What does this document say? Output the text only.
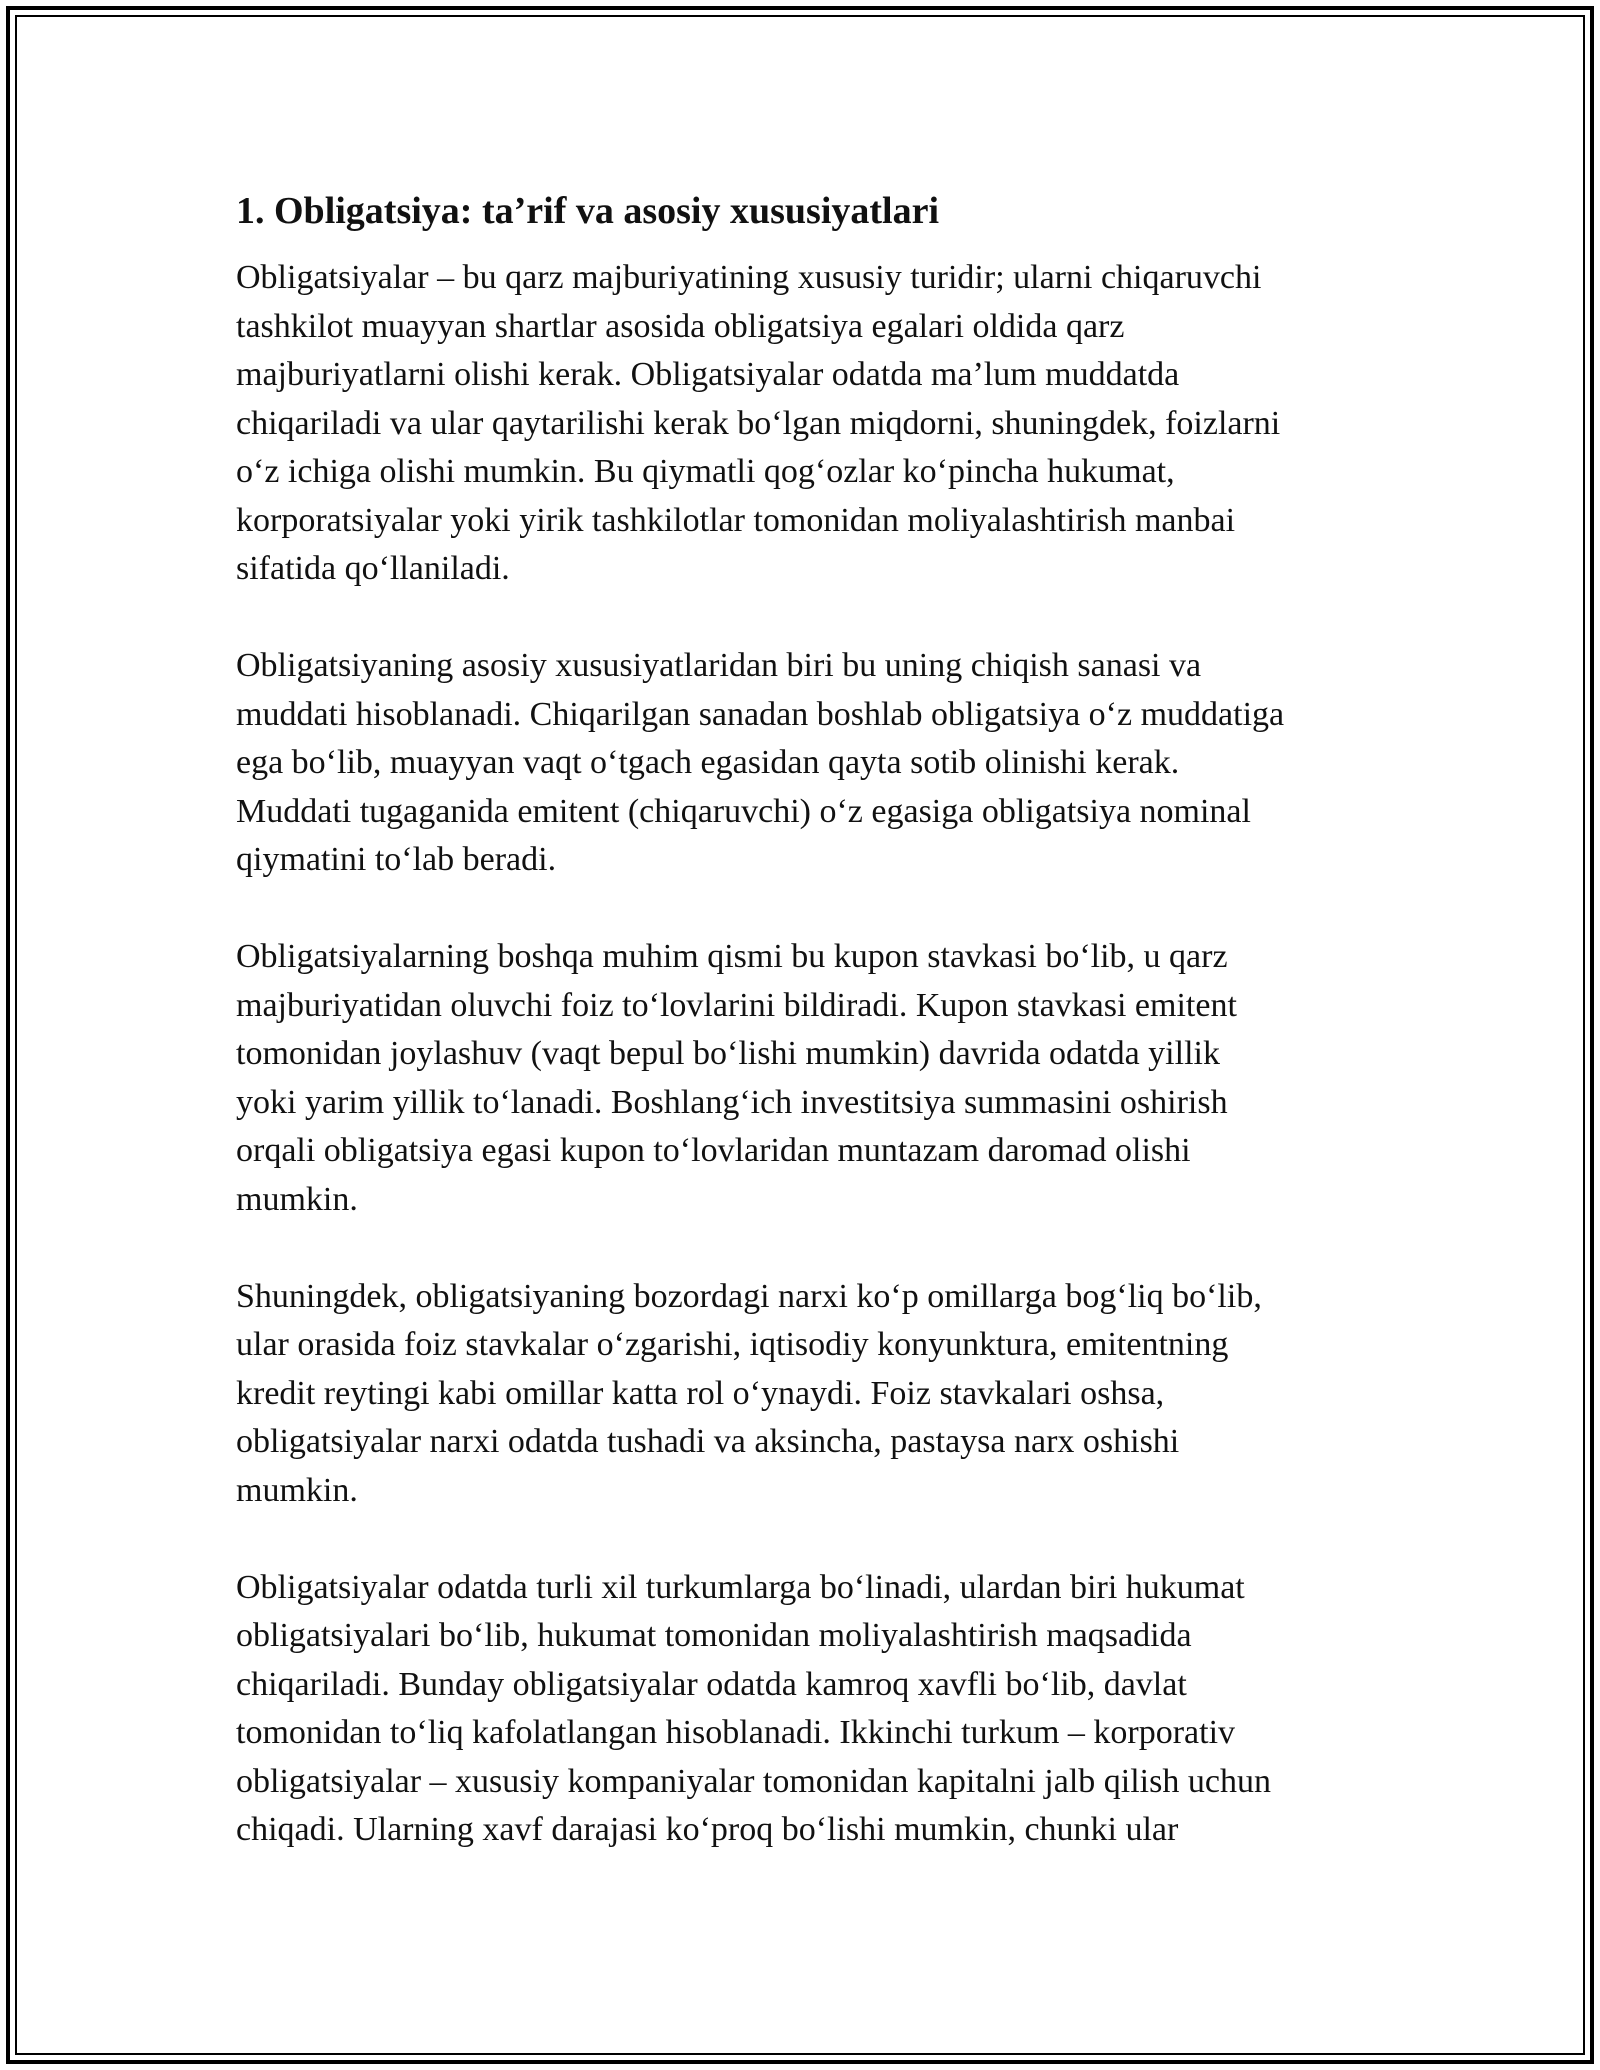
1. Obligatsiya: ta’rif va asosiy xususiyatlari
Obligatsiyalar – bu qarz majburiyatining xususiy turidir; ularni chiqaruvchi
tashkilot muayyan shartlar asosida obligatsiya egalari oldida qarz
majburiyatlarni olishi kerak. Obligatsiyalar odatda ma’lum muddatda
chiqariladi va ular qaytarilishi kerak bo‘lgan miqdorni, shuningdek, foizlarni
o‘z ichiga olishi mumkin. Bu qiymatli qog‘ozlar ko‘pincha hukumat,
korporatsiyalar yoki yirik tashkilotlar tomonidan moliyalashtirish manbai
sifatida qo‘llaniladi.
Obligatsiyaning asosiy xususiyatlaridan biri bu uning chiqish sanasi va
muddati hisoblanadi. Chiqarilgan sanadan boshlab obligatsiya o‘z muddatiga
ega bo‘lib, muayyan vaqt o‘tgach egasidan qayta sotib olinishi kerak.
Muddati tugaganida emitent (chiqaruvchi) o‘z egasiga obligatsiya nominal
qiymatini to‘lab beradi.
Obligatsiyalarning boshqa muhim qismi bu kupon stavkasi bo‘lib, u qarz
majburiyatidan oluvchi foiz to‘lovlarini bildiradi. Kupon stavkasi emitent
tomonidan joylashuv (vaqt bepul bo‘lishi mumkin) davrida odatda yillik
yoki yarim yillik to‘lanadi. Boshlang‘ich investitsiya summasini oshirish
orqali obligatsiya egasi kupon to‘lovlaridan muntazam daromad olishi
mumkin.
Shuningdek, obligatsiyaning bozordagi narxi ko‘p omillarga bog‘liq bo‘lib,
ular orasida foiz stavkalar o‘zgarishi, iqtisodiy konyunktura, emitentning
kredit reytingi kabi omillar katta rol o‘ynaydi. Foiz stavkalari oshsa,
obligatsiyalar narxi odatda tushadi va aksincha, pastaysa narx oshishi
mumkin.
Obligatsiyalar odatda turli xil turkumlarga bo‘linadi, ulardan biri hukumat
obligatsiyalari bo‘lib, hukumat tomonidan moliyalashtirish maqsadida
chiqariladi. Bunday obligatsiyalar odatda kamroq xavfli bo‘lib, davlat
tomonidan to‘liq kafolatlangan hisoblanadi. Ikkinchi turkum – korporativ
obligatsiyalar – xususiy kompaniyalar tomonidan kapitalni jalb qilish uchun
chiqadi. Ularning xavf darajasi ko‘proq bo‘lishi mumkin, chunki ular
